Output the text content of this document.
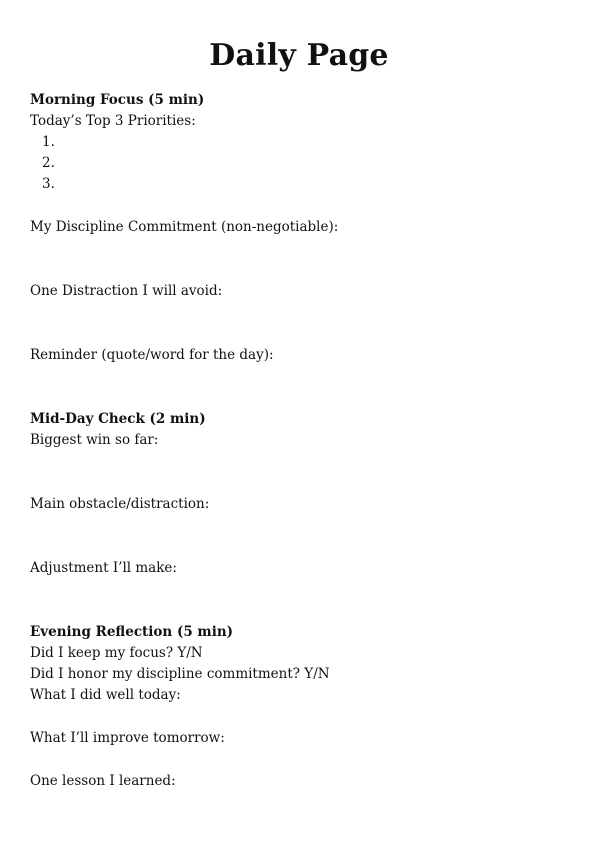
Daily Page
Morning Focus (5 min)
Today’s Top 3 Priorities:
1.
2.
3.
My Discipline Commitment (non-negotiable):
One Distraction I will avoid:
Reminder (quote/word for the day):
Mid-Day Check (2 min)
Biggest win so far:
Main obstacle/distraction:
Adjustment I’ll make:
Evening Reflection (5 min)
Did I keep my focus? Y/N
Did I honor my discipline commitment? Y/N
What I did well today:
What I’ll improve tomorrow:
One lesson I learned:
